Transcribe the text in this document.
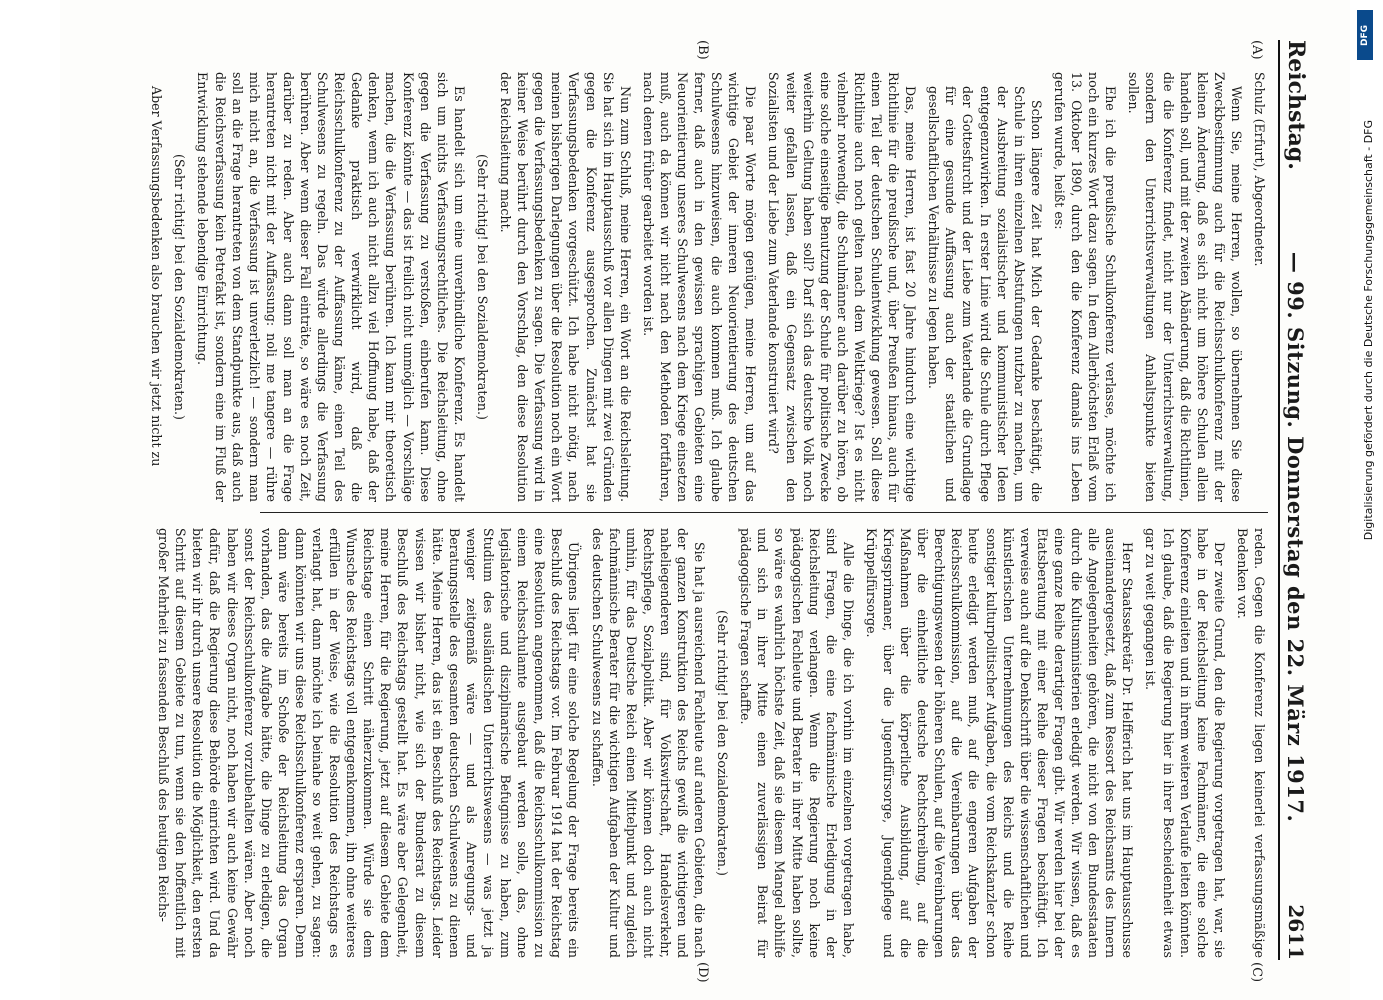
DFG
Digitalisierung gefördert durch die Deutsche Forschungsgemeinschaft - DFG
Reichstag.
— 99. Sitzung. Donnerstag den 22. März 1917.
2611
(A)
(B)
(C)
(D)

Schulz (Erfurt), Abgeordneter.

Wenn Sie, meine Herren, wollen, so übernehmen Sie diese Zweckbestimmung auch für die Reichsschulkonferenz mit der kleinen Änderung, daß es sich nicht um höhere Schulen allein handeln soll, und mit der zweiten Abänderung, daß die Richtlinien, die die Konferenz findet, nicht nur der Unterrichtsverwaltung, sondern den Unterrichtsverwaltungen Anhaltspunkte bieten sollen.

Ehe ich die preußische Schulkonferenz verlasse, möchte ich noch ein kurzes Wort dazu sagen. In dem Allerhöchsten Erlaß vom 13. Oktober 1890, durch den die Konferenz damals ins Leben gerufen wurde, heißt es:

Schon längere Zeit hat Mich der Gedanke beschäftigt, die Schule in ihren einzelnen Abstufungen nutzbar zu machen, um der Ausbreitung sozialistischer und kommunistischer Ideen entgegenzuwirken. In erster Linie wird die Schule durch Pflege der Gottesfurcht und der Liebe zum Vaterlande die Grundlage für eine gesunde Auffassung auch der staatlichen und gesellschaftlichen Verhältnisse zu legen haben.

Das, meine Herren, ist fast 20 Jahre hindurch eine wichtige Richtlinie für die preußische und, über Preußen hinaus, auch für einen Teil der deutschen Schulentwicklung gewesen. Soll diese Richtlinie auch noch gelten nach dem Weltkriege? Ist es nicht vielmehr notwendig, die Schulmänner auch darüber zu hören, ob eine solche einseitige Benutzung der Schule für politische Zwecke weiterhin Geltung haben soll? Darf sich das deutsche Volk noch weiter gefallen lassen, daß ein Gegensatz zwischen den Sozialisten und der Liebe zum Vaterlande konstruiert wird?

Die paar Worte mögen genügen, meine Herren, um auf das wichtige Gebiet der inneren Neuorientierung des deutschen Schulwesens hinzuweisen, die auch kommen muß. Ich glaube ferner, daß auch in den gewissen sprachigen Gebieten eine Neuorientierung unseres Schulwesens nach dem Kriege einsetzen muß, auch da können wir nicht nach den Methoden fortfahren, nach denen früher gearbeitet worden ist.

Nun zum Schluß, meine Herren, ein Wort an die Reichsleitung. Sie hat sich im Hauptausschuß vor allen Dingen mit zwei Gründen gegen die Konferenz ausgesprochen. Zunächst hat sie Verfassungsbedenken vorgeschützt. Ich habe nicht nötig, nach meinen bisherigen Darlegungen über die Resolution noch ein Wort gegen die Verfassungsbedenken zu sagen. Die Verfassung wird in keiner Weise berührt durch den Vorschlag, den diese Resolution der Reichsleitung macht.

(Sehr richtig! bei den Sozialdemokraten.)

Es handelt sich um eine unverbindliche Konferenz. Es handelt sich um nichts Verfassungsrechtliches. Die Reichsleitung, ohne gegen die Verfassung zu verstoßen, einberufen kann. Diese Konferenz könnte — das ist freilich nicht unmöglich — Vorschläge machen, die die Verfassung berühren. Ich kann mir theoretisch denken, wenn ich auch nicht allzu viel Hoffnung habe, daß der Gedanke praktisch verwirklicht wird, daß die Reichsschulkonferenz zu der Auffassung käme, einen Teil des Schulwesens zu regeln. Das würde allerdings die Verfassung berühren. Aber wenn dieser Fall einträte, so wäre es noch Zeit, darüber zu reden. Aber auch dann soll man an die Frage herantreten nicht mit der Auffassung: noli me tangere — rühre mich nicht an, die Verfassung ist unverletzlich! — sondern man soll an die Frage herantreten von dem Standpunkte aus, daß auch die Reichsverfassung kein Petrefakt ist, sondern eine im Fluß der Entwicklung stehende lebendige Einrichtung.

(Sehr richtig! bei den Sozialdemokraten.)

Aber Verfassungsbedenken also brauchen wir jetzt nicht zu

reden. Gegen die Konferenz liegen keinerlei verfassungsmäßige Bedenken vor.

Der zweite Grund, den die Regierung vorgetragen hat, war, sie habe in der Reichsleitung keine Fachmänner, die eine solche Konferenz einleiten und in ihrem weiteren Verlaufe leiten könnten. Ich glaube, daß die Regierung hier in ihrer Bescheidenheit etwas gar zu weit gegangen ist.

Herr Staatssekretär Dr. Helfferich hat uns im Hauptausschusse auseinandergesetzt, daß zum Ressort des Reichsamts des Innern alle Angelegenheiten gehören, die nicht von den Bundesstaaten durch die Kultusministerien erledigt werden. Wir wissen, daß es eine ganze Reihe derartiger Fragen gibt. Wir werden hier bei der Etatsberatung mit einer Reihe dieser Fragen beschäftigt. Ich verweise auch auf die Denkschrift über die wissenschaftlichen und künstlerischen Unternehmungen des Reichs und die Reihe sonstiger kulturpolitischer Aufgaben, die vom Reichskanzler schon heute erledigt werden muß, auf die engeren Aufgaben der Reichsschulkommission, auf die Vereinbarungen über das Berechtigungswesen der höheren Schulen, auf die Vereinbarungen über die einheitliche deutsche Rechtschreibung, auf die Maßnahmen über die körperliche Ausbildung, auf die Kriegsprimaner, über die Jugendfürsorge, Jugendpflege und Krüppelfürsorge.

Alle die Dinge, die ich vorhin im einzelnen vorgetragen habe, sind Fragen, die eine fachmännische Erledigung in der Reichsleitung verlangen. Wenn die Regierung noch keine pädagogischen Fachleute und Berater in ihrer Mitte haben sollte, so wäre es wahrlich höchste Zeit, daß sie diesem Mangel abhilfe und sich in ihrer Mitte einen zuverlässigen Beirat für pädagogische Fragen schaffte.

(Sehr richtig! bei den Sozialdemokraten.)

Sie hat ja ausreichend Fachleute auf anderen Gebieten, die nach der ganzen Konstruktion des Reichs gewiß die wichtigeren und naheliegenderen sind, für Volkswirtschaft, Handelsverkehr, Rechtspflege, Sozialpolitik. Aber wir können doch auch nicht umhin, für das Deutsche Reich einen Mittelpunkt und zugleich fachmännische Berater für die wichtigen Aufgaben der Kultur und des deutschen Schulwesens zu schaffen.

Übrigens liegt für eine solche Regelung der Frage bereits ein Beschluß des Reichstags vor. Im Februar 1914 hat der Reichstag eine Resolution angenommen, daß die Reichsschulkommission zu einem Reichsschulamte ausgebaut werden solle, das, ohne legislatorische und disziplinarische Befugnisse zu haben, zum Studium des ausländischen Unterrichtswesens — was jetzt ja weniger zeitgemäß wäre — und als Anregungs- und Beratungsstelle des gesamten deutschen Schulwesens zu dienen hätte. Meine Herren, das ist ein Beschluß des Reichstags. Leider wissen wir bisher nicht, wie sich der Bundesrat zu diesem Beschluß des Reichstags gestellt hat. Es wäre aber Gelegenheit, meine Herren, für die Regierung, jetzt auf diesem Gebiete dem Reichstage einen Schritt näherzukommen. Würde sie dem Wunsche des Reichstags voll entgegenkommen, ihn ohne weiteres erfüllen in der Weise, wie die Resolution des Reichstags es verlangt hat, dann möchte ich beinahe so weit gehen, zu sagen: dann könnten wir uns diese Reichsschulkonferenz ersparen. Denn dann wäre bereits im Schoße der Reichsleitung das Organ vorhanden, das die Aufgabe hätte, die Dinge zu erledigen, die sonst der Reichsschulkonferenz vorzubehalten wären. Aber noch haben wir dieses Organ nicht, noch haben wir auch keine Gewähr dafür, daß die Regierung diese Behörde einrichten wird. Und da bieten wir ihr durch unsere Resolution die Möglichkeit, den ersten Schritt auf diesem Gebiete zu tun, wenn sie den hoffentlich mit großer Mehrheit zu fassenden Beschluß des heutigen Reichs-
